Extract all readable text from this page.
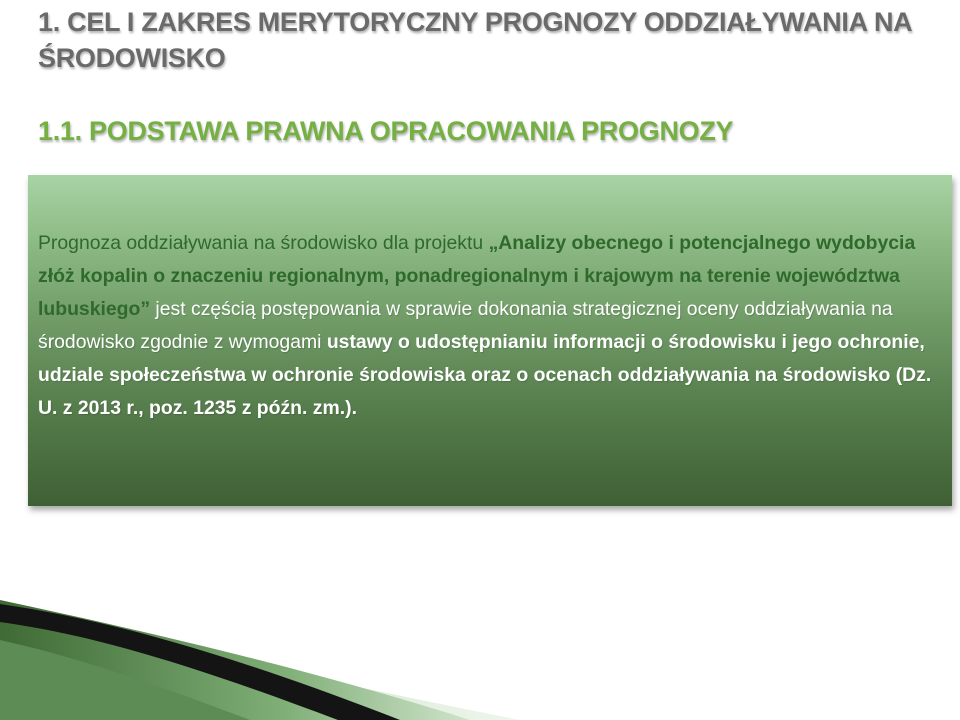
1. CEL I ZAKRES MERYTORYCZNY PROGNOZY ODDZIAŁYWANIA NA ŚRODOWISKO
1.1. PODSTAWA PRAWNA OPRACOWANIA PROGNOZY

Prognoza oddziaływania na środowisko dla projektu „Analizy obecnego i potencjalnego wydobycia złóż kopalin o znaczeniu regionalnym, ponadregionalnym i krajowym na terenie województwa lubuskiego” jest częścią postępowania w sprawie dokonania strategicznej oceny oddziaływania na środowisko zgodnie z wymogami ustawy o udostępnianiu informacji o środowisku i jego ochronie, udziale społeczeństwa w ochronie środowiska oraz o ocenach oddziaływania na środowisko (Dz. U. z 2013 r., poz. 1235 z późn. zm.).
